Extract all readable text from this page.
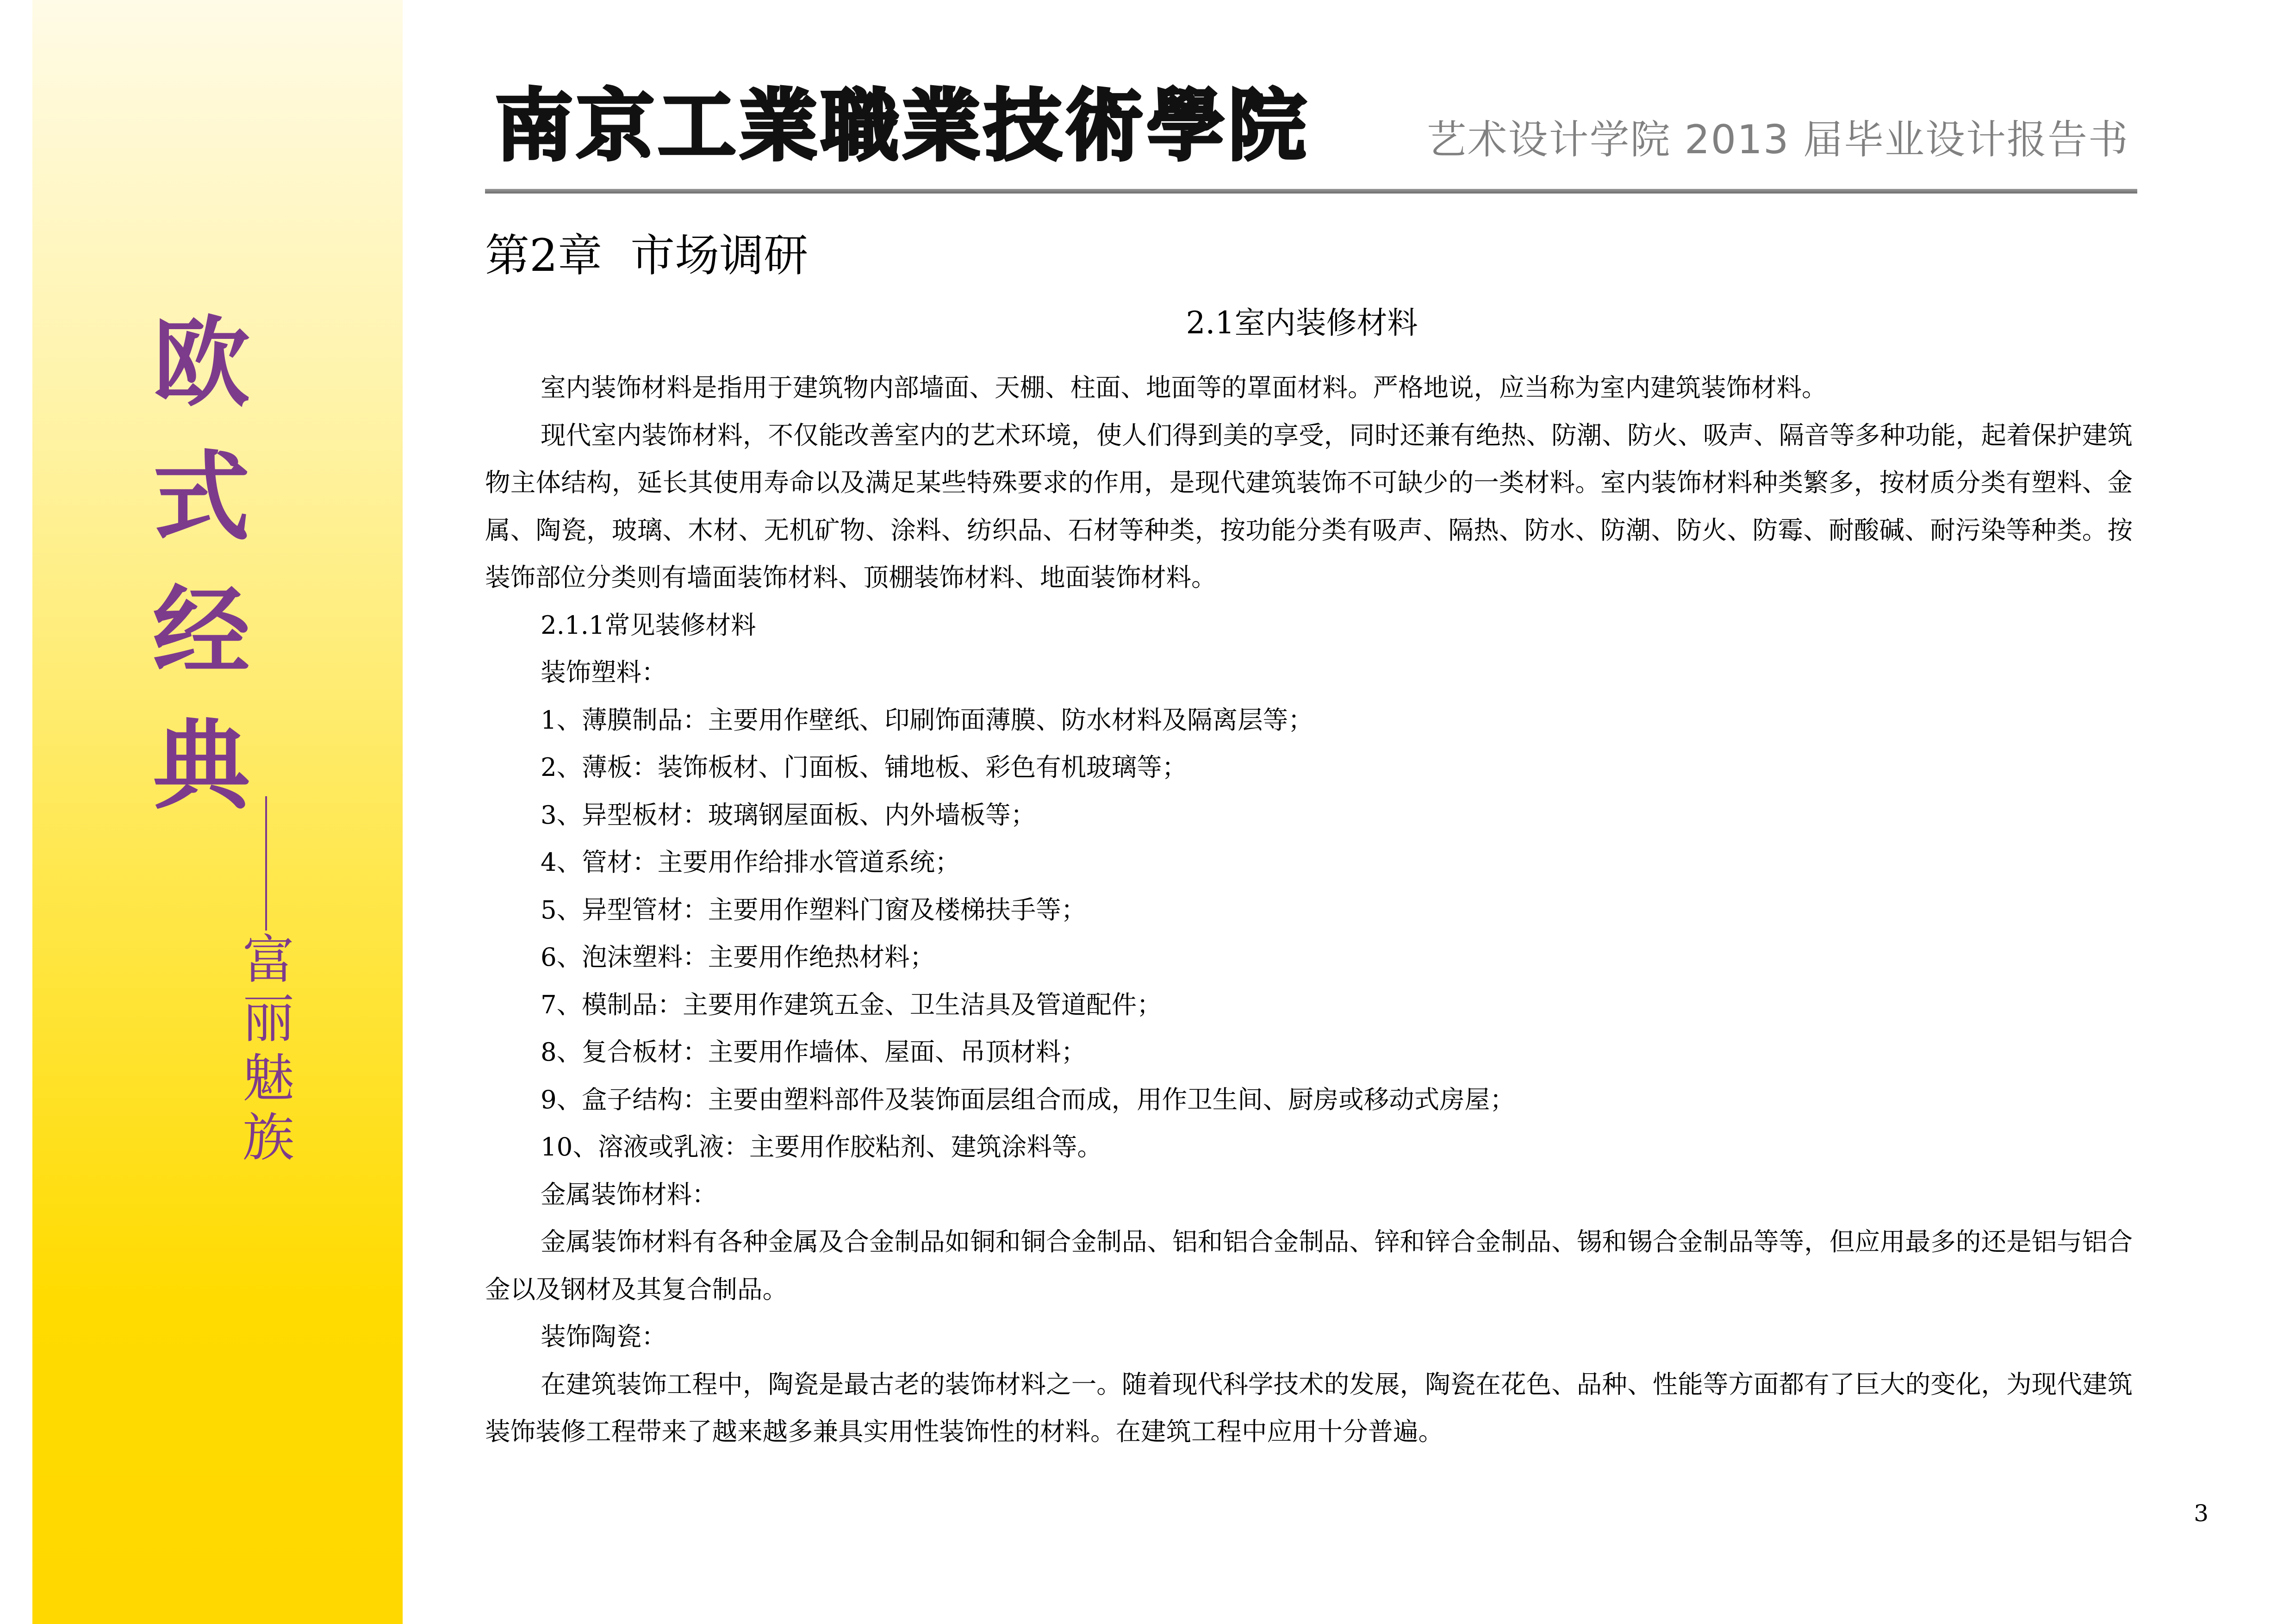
欧
式
经
典
富
丽
魅
族
南京工業職業技術學院	艺术设计学院 2013 届毕业设计报告书
第2章  市场调研
2.1室内装修材料

室内装饰材料是指用于建筑物内部墙面、天棚、柱面、地面等的罩面材料。严格地说，应当称为室内建筑装饰材料。

现代室内装饰材料，不仅能改善室内的艺术环境，使人们得到美的享受，同时还兼有绝热、防潮、防火、吸声、隔音等多种功能，起着保护建筑物主体结构，延长其使用寿命以及满足某些特殊要求的作用，是现代建筑装饰不可缺少的一类材料。室内装饰材料种类繁多，按材质分类有塑料、金属、陶瓷，玻璃、木材、无机矿物、涂料、纺织品、石材等种类，按功能分类有吸声、隔热、防水、防潮、防火、防霉、耐酸碱、耐污染等种类。按装饰部位分类则有墙面装饰材料、顶棚装饰材料、地面装饰材料。

2.1.1常见装修材料
装饰塑料：
1、薄膜制品：主要用作壁纸、印刷饰面薄膜、防水材料及隔离层等；
2、薄板：装饰板材、门面板、铺地板、彩色有机玻璃等；
3、异型板材：玻璃钢屋面板、内外墙板等；
4、管材：主要用作给排水管道系统；
5、异型管材：主要用作塑料门窗及楼梯扶手等；
6、泡沫塑料：主要用作绝热材料；
7、模制品：主要用作建筑五金、卫生洁具及管道配件；
8、复合板材：主要用作墙体、屋面、吊顶材料；
9、盒子结构：主要由塑料部件及装饰面层组合而成，用作卫生间、厨房或移动式房屋；
10、溶液或乳液：主要用作胶粘剂、建筑涂料等。
金属装饰材料：

金属装饰材料有各种金属及合金制品如铜和铜合金制品、铝和铝合金制品、锌和锌合金制品、锡和锡合金制品等等，但应用最多的还是铝与铝合金以及钢材及其复合制品。

装饰陶瓷：

在建筑装饰工程中，陶瓷是最古老的装饰材料之一。随着现代科学技术的发展，陶瓷在花色、品种、性能等方面都有了巨大的变化，为现代建筑装饰装修工程带来了越来越多兼具实用性装饰性的材料。在建筑工程中应用十分普遍。

3
